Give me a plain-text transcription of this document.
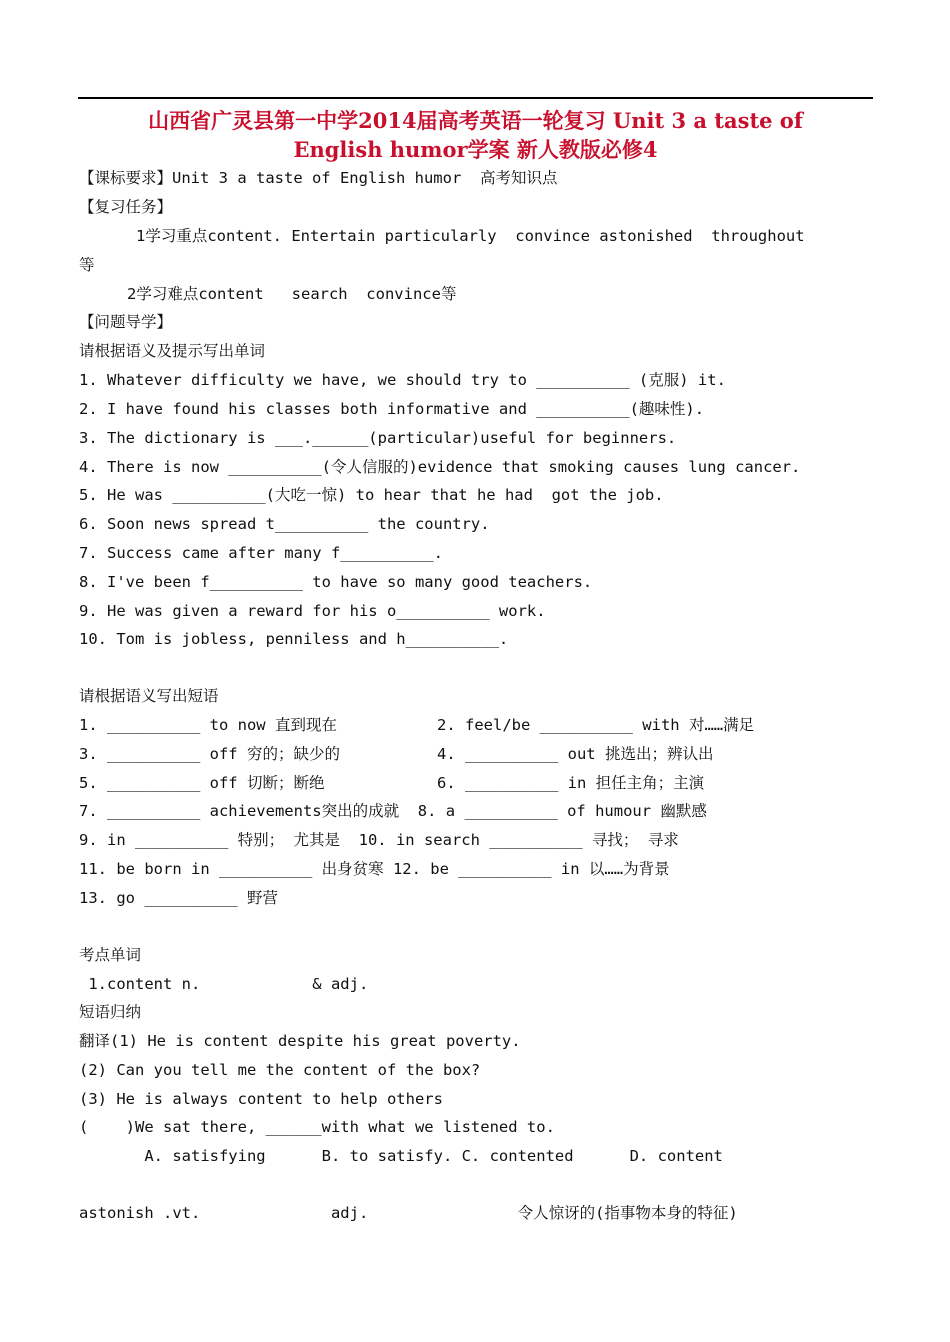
山西省广灵县第一中学2014届高考英语一轮复习 Unit 3 a taste of
English humor学案 新人教版必修4
【课标要求】Unit 3 a taste of English humor  高考知识点
【复习任务】
1学习重点content. Entertain particularly  convince astonished  throughout
等
2学习难点content   search  convince等
【问题导学】
请根据语义及提示写出单词
1. Whatever difficulty we have, we should try to __________ (克服) it.
2. I have found his classes both informative and __________(趣味性).
3. The dictionary is ___.______(particular)useful for beginners.
4. There is now __________(令人信服的)evidence that smoking causes lung cancer.
5. He was __________(大吃一惊) to hear that he had  got the job.
6. Soon news spread t__________ the country.
7. Success came after many f__________.
8. I've been f__________ to have so many good teachers.
9. He was given a reward for his o__________ work.
10. Tom is jobless, penniless and h__________.
请根据语义写出短语
1. __________ to now 直到现在	2. feel/be __________ with 对……满足
3. __________ off 穷的；缺少的	4. __________ out 挑选出；辨认出
5. __________ off 切断；断绝	6. __________ in 担任主角；主演
7. __________ achievements突出的成就  8. a __________ of humour 幽默感
9. in __________ 特别； 尤其是  10. in search __________ 寻找； 寻求
11. be born in __________ 出身贫寒 12. be __________ in 以……为背景
13. go __________ 野营
考点单词
1.content n.            & adj.
短语归纳
翻译(1) He is content despite his great poverty.
(2) Can you tell me the content of the box?
(3) He is always content to help others
(    )We sat there, ______with what we listened to.
A. satisfying      B. to satisfy. C. contented      D. content
astonish .vt.              adj.                令人惊讶的(指事物本身的特征)
